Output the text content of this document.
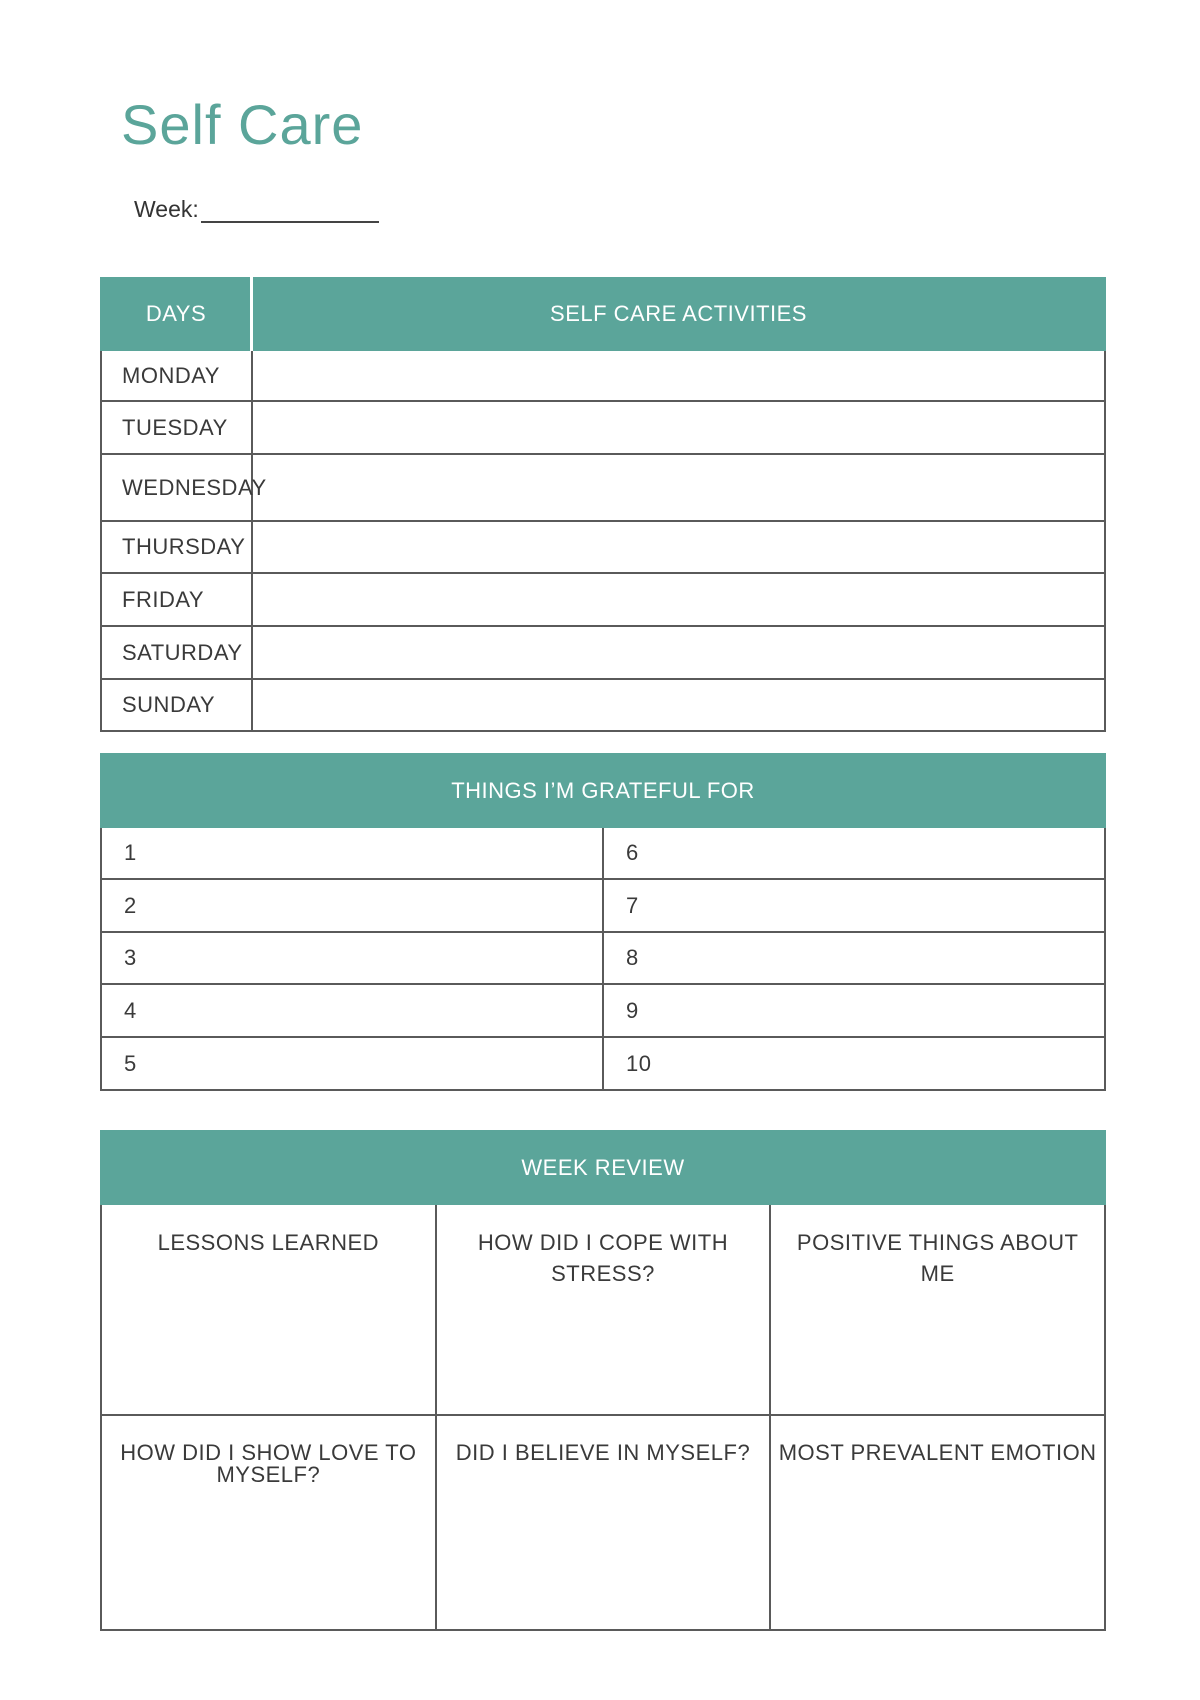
Self Care
Week:
DAYS	SELF CARE ACTIVITIES
MONDAY	
TUESDAY	
WEDNESDAY	
THURSDAY	
FRIDAY	
SATURDAY	
SUNDAY	
THINGS I’M GRATEFUL FOR	
1	6
2	7
3	8
4	9
5	10
WEEK REVIEW		
LESSONS LEARNED	HOW DID I COPE WITH STRESS?	POSITIVE THINGS ABOUT ME
HOW DID I SHOW LOVE TO MYSELF?	DID I BELIEVE IN MYSELF?	MOST PREVALENT EMOTION
